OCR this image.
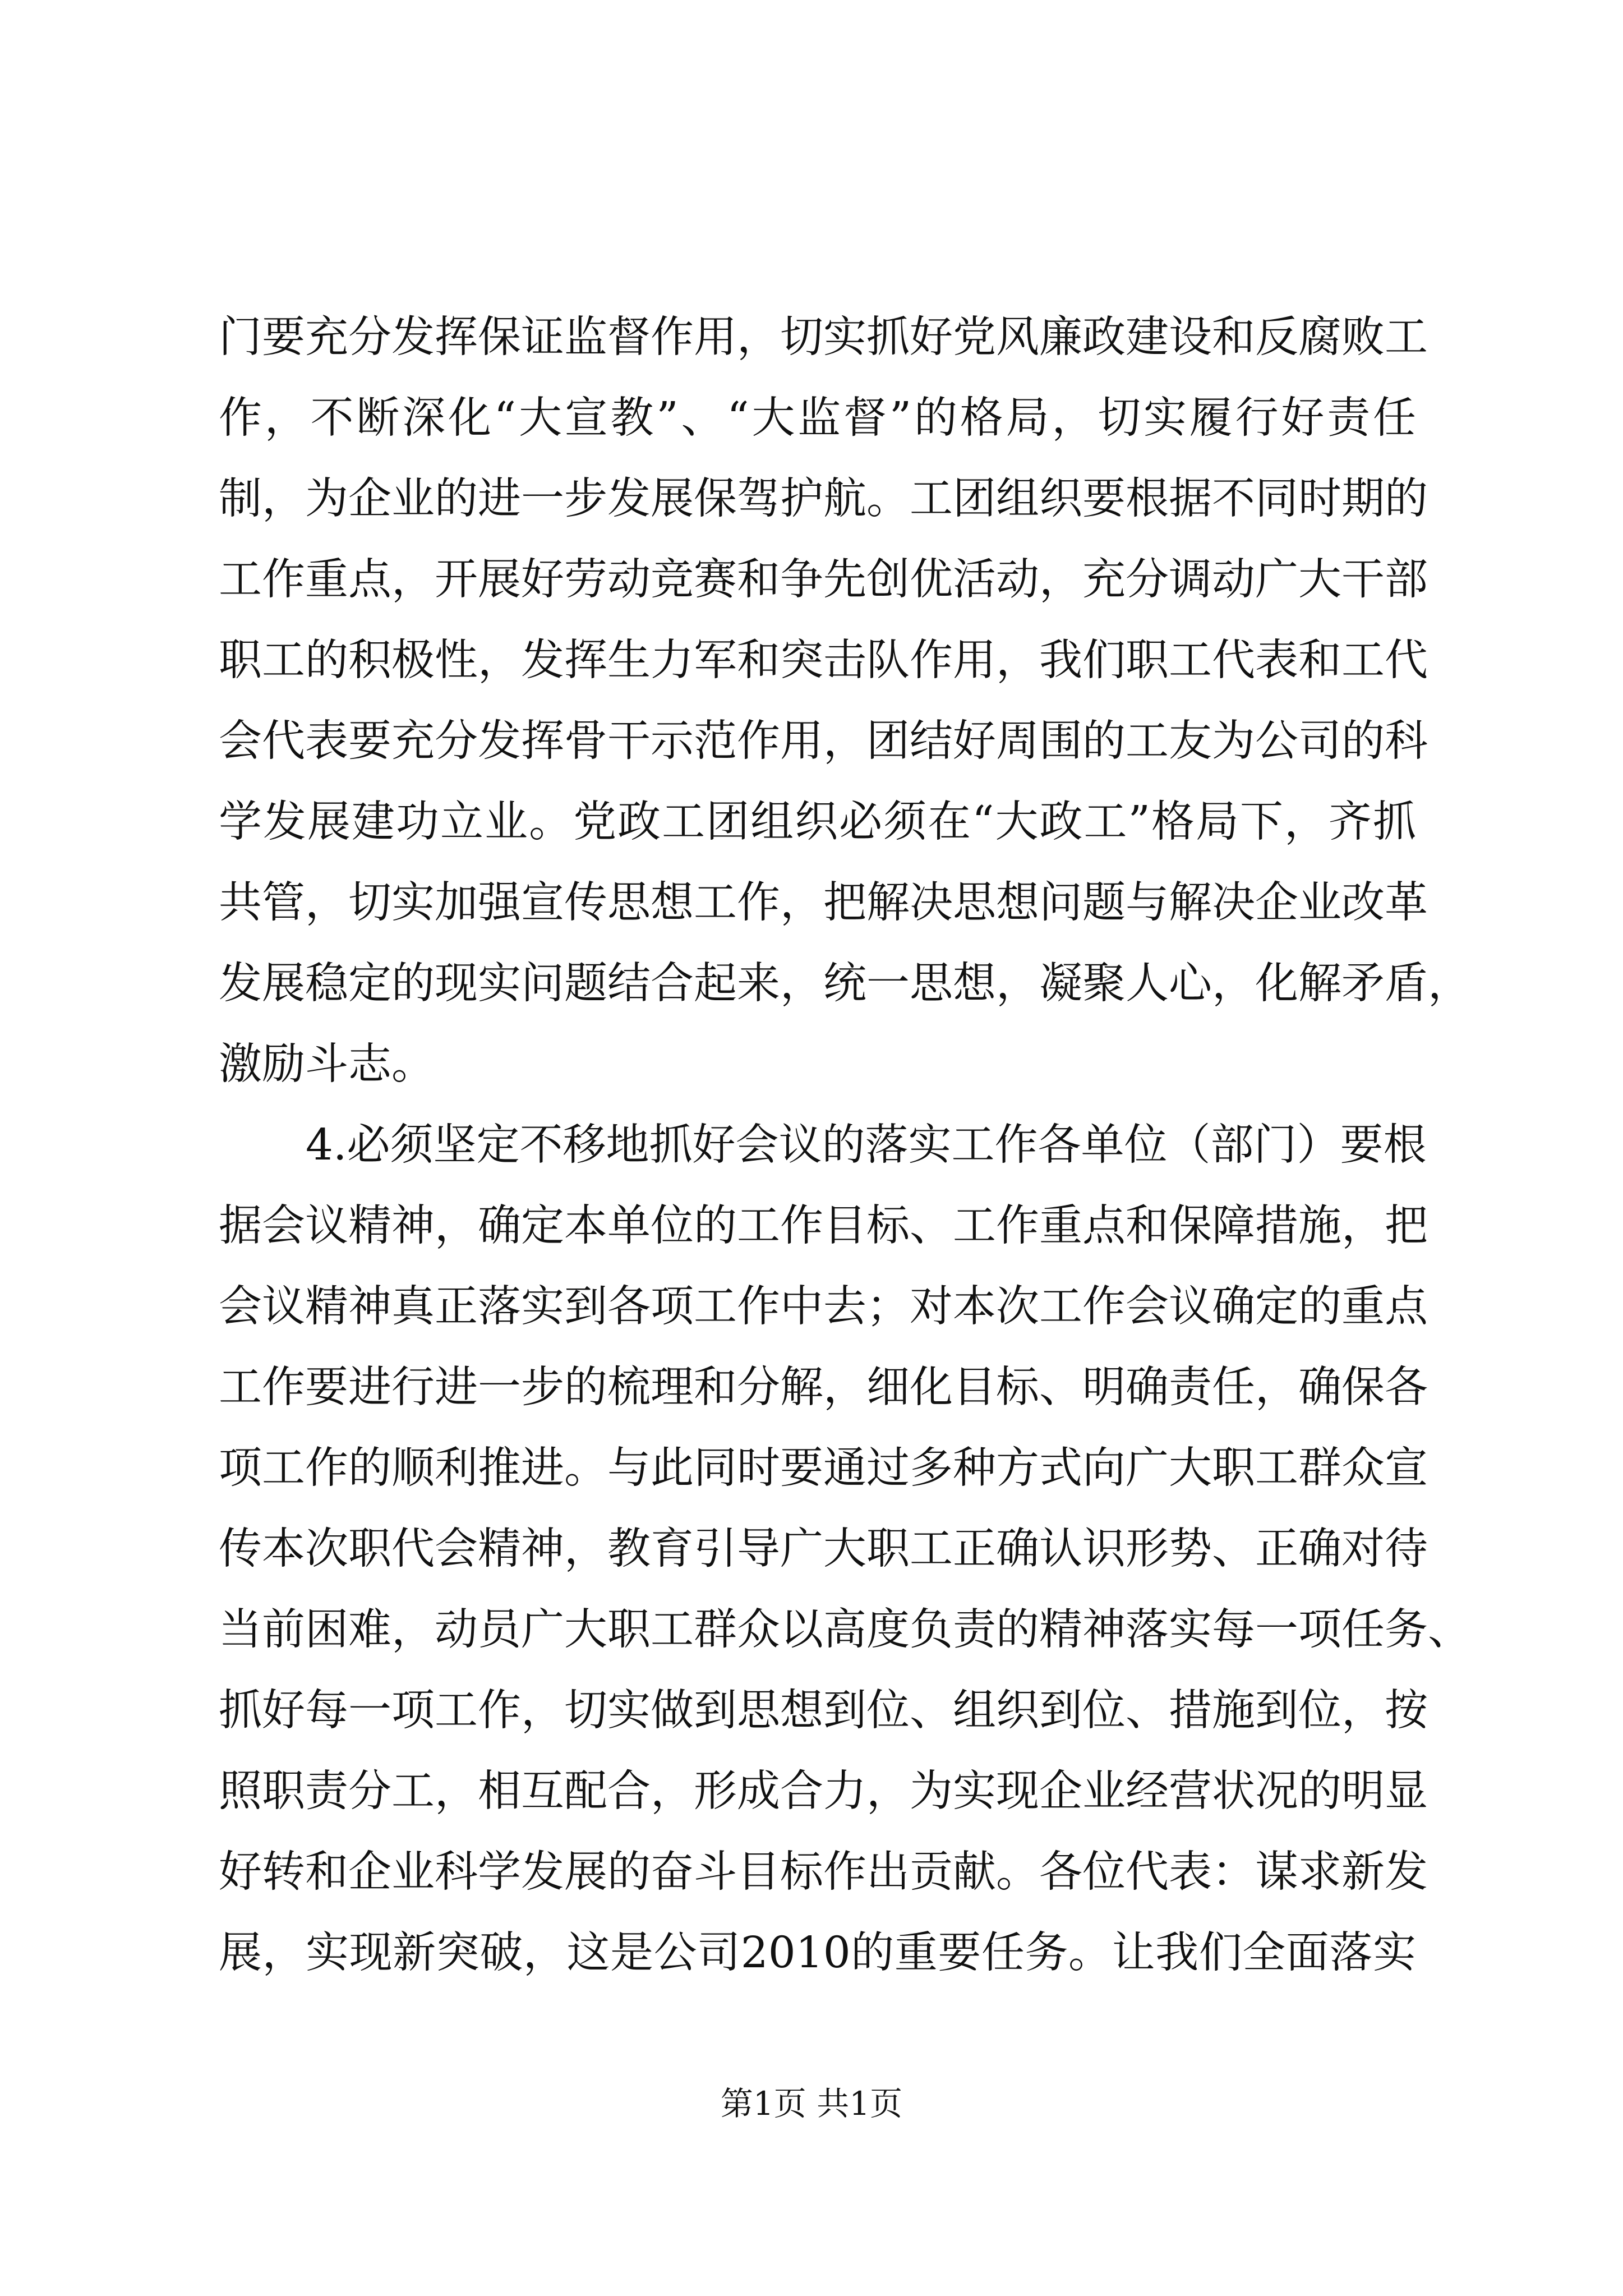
门要充分发挥保证监督作用，切实抓好党风廉政建设和反腐败工
作，不断深化“大宣教”、“大监督”的格局，切实履行好责任
制，为企业的进一步发展保驾护航。工团组织要根据不同时期的
工作重点，开展好劳动竞赛和争先创优活动，充分调动广大干部
职工的积极性，发挥生力军和突击队作用，我们职工代表和工代
会代表要充分发挥骨干示范作用，团结好周围的工友为公司的科
学发展建功立业。党政工团组织必须在“大政工”格局下，齐抓
共管，切实加强宣传思想工作，把解决思想问题与解决企业改革
发展稳定的现实问题结合起来，统一思想，凝聚人心，化解矛盾，
激励斗志。
4.必须坚定不移地抓好会议的落实工作各单位（部门）要根
据会议精神，确定本单位的工作目标、工作重点和保障措施，把
会议精神真正落实到各项工作中去；对本次工作会议确定的重点
工作要进行进一步的梳理和分解，细化目标、明确责任，确保各
项工作的顺利推进。与此同时要通过多种方式向广大职工群众宣
传本次职代会精神，教育引导广大职工正确认识形势、正确对待
当前困难，动员广大职工群众以高度负责的精神落实每一项任务、
抓好每一项工作，切实做到思想到位、组织到位、措施到位，按
照职责分工，相互配合，形成合力，为实现企业经营状况的明显
好转和企业科学发展的奋斗目标作出贡献。各位代表：谋求新发
展，实现新突破，这是公司2010的重要任务。让我们全面落实
第1页 共1页
